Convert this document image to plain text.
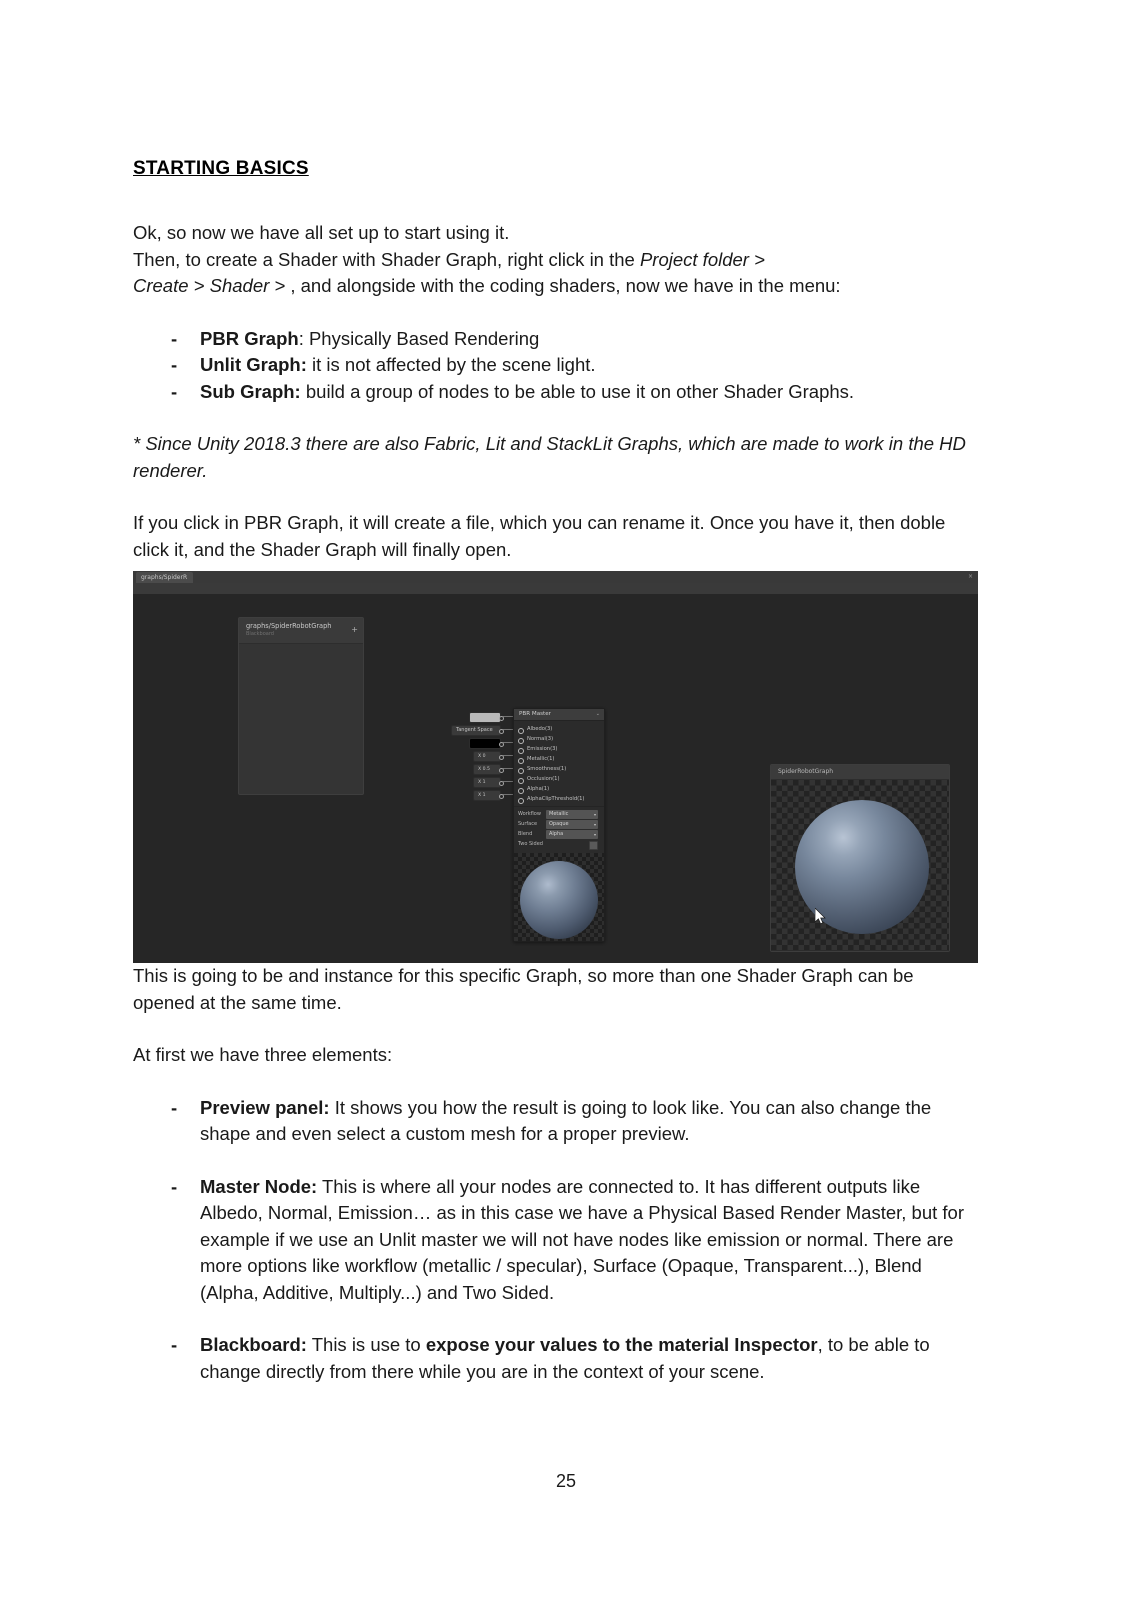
STARTING BASICS

Ok, so now we have all set up to start using it.

Then, to create a Shader with Shader Graph, right click in the Project folder >

Create > Shader > , and alongside with the coding shaders, now we have in the menu:

- PBR Graph: Physically Based Rendering
- Unlit Graph: it is not affected by the scene light.
- Sub Graph: build a group of nodes to be able to use it on other Shader Graphs.

* Since Unity 2018.3 there are also Fabric, Lit and StackLit Graphs, which are made to work in the HD renderer.

If you click in PBR Graph, it will create a file, which you can rename it. Once you have it, then doble click it, and the Shader Graph will finally open.

graphs/SpiderR	×

graphs/SpiderRobotGraph
Blackboard	+
Tangent Space
X 0
X 0.5
X 1
X 1
PBR Master	⌄
Albedo(3)
Normal(3)
Emission(3)
Metallic(1)
Smoothness(1)
Occlusion(1)
Alpha(1)
AlphaClipThreshold(1)
Workflow	Metallic	▾
Surface	Opaque	▾
Blend	Alpha	▾
Two Sided
SpiderRobotGraph

This is going to be and instance for this specific Graph, so more than one Shader Graph can be opened at the same time.

At first we have three elements:

- Preview panel: It shows you how the result is going to look like. You can also change the shape and even select a custom mesh for a proper preview.
- Master Node: This is where all your nodes are connected to. It has different outputs like Albedo, Normal, Emission… as in this case we have a Physical Based Render Master, but for example if we use an Unlit master we will not have nodes like emission or normal. There are more options like workflow (metallic / specular), Surface (Opaque, Transparent...), Blend (Alpha, Additive, Multiply...) and Two Sided.
- Blackboard: This is use to expose your values to the material Inspector, to be able to change directly from there while you are in the context of your scene.
25
